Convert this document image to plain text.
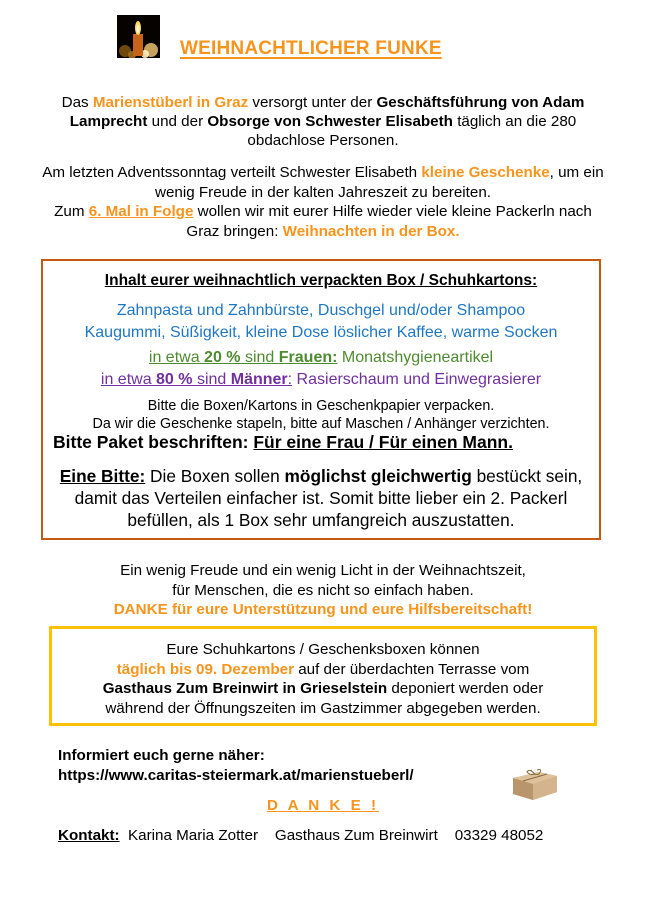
WEIHNACHTLICHER FUNKE
Das Marienstüberl in Graz versorgt unter der Geschäftsführung von Adam Lamprecht und der Obsorge von Schwester Elisabeth täglich an die 280 obdachlose Personen.
Am letzten Adventssonntag verteilt Schwester Elisabeth kleine Geschenke, um ein wenig Freude in der kalten Jahreszeit zu bereiten.
Zum 6. Mal in Folge wollen wir mit eurer Hilfe wieder viele kleine Packerln nach Graz bringen: Weihnachten in der Box.
Inhalt eurer weihnachtlich verpackten Box / Schuhkartons:
Zahnpasta und Zahnbürste, Duschgel und/oder Shampoo
Kaugummi, Süßigkeit, kleine Dose löslicher Kaffee, warme Socken
in etwa 20 % sind Frauen: Monatshygieneartikel
in etwa 80 % sind Männer: Rasierschaum und Einwegrasierer
Bitte die Boxen/Kartons in Geschenkpapier verpacken.
Da wir die Geschenke stapeln, bitte auf Maschen / Anhänger verzichten.
Bitte Paket beschriften: Für eine Frau / Für einen Mann.
Eine Bitte: Die Boxen sollen möglichst gleichwertig bestückt sein, damit das Verteilen einfacher ist. Somit bitte lieber ein 2. Packerl befüllen, als 1 Box sehr umfangreich auszustatten.
Ein wenig Freude und ein wenig Licht in der Weihnachtszeit,
für Menschen, die es nicht so einfach haben.
DANKE für eure Unterstützung und eure Hilfsbereitschaft!
Eure Schuhkartons / Geschenksboxen können
täglich bis 09. Dezember auf der überdachten Terrasse vom
Gasthaus Zum Breinwirt in Grieselstein deponiert werden oder
während der Öffnungszeiten im Gastzimmer abgegeben werden.
Informiert euch gerne näher:
https://www.caritas-steiermark.at/marienstueberl/
D A N K E !
Kontakt:  Karina Maria Zotter    Gasthaus Zum Breinwirt    03329 48052
